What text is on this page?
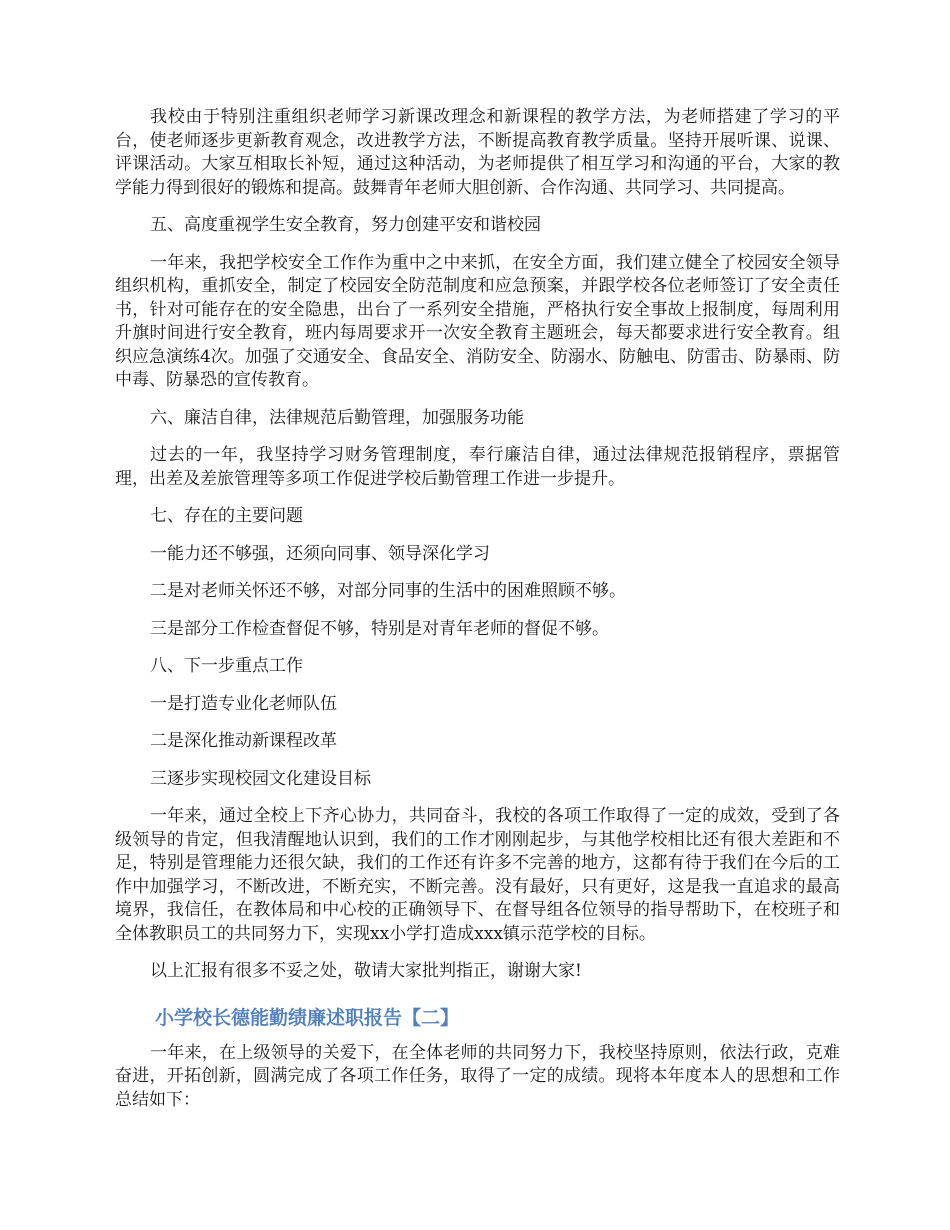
我校由于特别注重组织老师学习新课改理念和新课程的教学方法，为老师搭建了学习的平台，使老师逐步更新教育观念，改进教学方法，不断提高教育教学质量。坚持开展听课、说课、评课活动。大家互相取长补短，通过这种活动，为老师提供了相互学习和沟通的平台，大家的教学能力得到很好的锻炼和提高。鼓舞青年老师大胆创新、合作沟通、共同学习、共同提高。

五、高度重视学生安全教育，努力创建平安和谐校园

一年来，我把学校安全工作作为重中之中来抓，在安全方面，我们建立健全了校园安全领导组织机构，重抓安全，制定了校园安全防范制度和应急预案，并跟学校各位老师签订了安全责任书，针对可能存在的安全隐患，出台了一系列安全措施，严格执行安全事故上报制度，每周利用升旗时间进行安全教育，班内每周要求开一次安全教育主题班会，每天都要求进行安全教育。组织应急演练4次。加强了交通安全、食品安全、消防安全、防溺水、防触电、防雷击、防暴雨、防中毒、防暴恐的宣传教育。

六、廉洁自律，法律规范后勤管理，加强服务功能

过去的一年，我坚持学习财务管理制度，奉行廉洁自律，通过法律规范报销程序，票据管理，出差及差旅管理等多项工作促进学校后勤管理工作进一步提升。

七、存在的主要问题

一能力还不够强，还须向同事、领导深化学习

二是对老师关怀还不够，对部分同事的生活中的困难照顾不够。

三是部分工作检查督促不够，特别是对青年老师的督促不够。

八、下一步重点工作

一是打造专业化老师队伍

二是深化推动新课程改革

三逐步实现校园文化建设目标

一年来，通过全校上下齐心协力，共同奋斗，我校的各项工作取得了一定的成效，受到了各级领导的肯定，但我清醒地认识到，我们的工作才刚刚起步，与其他学校相比还有很大差距和不足，特别是管理能力还很欠缺，我们的工作还有许多不完善的地方，这都有待于我们在今后的工作中加强学习，不断改进，不断充实，不断完善。没有最好，只有更好，这是我一直追求的最高境界，我信任，在教体局和中心校的正确领导下、在督导组各位领导的指导帮助下，在校班子和全体教职员工的共同努力下，实现xx小学打造成xxx镇示范学校的目标。

以上汇报有很多不妥之处，敬请大家批判指正，谢谢大家!

小学校长德能勤绩廉述职报告【二】

一年来，在上级领导的关爱下，在全体老师的共同努力下，我校坚持原则，依法行政，克难奋进，开拓创新，圆满完成了各项工作任务，取得了一定的成绩。现将本年度本人的思想和工作总结如下：
